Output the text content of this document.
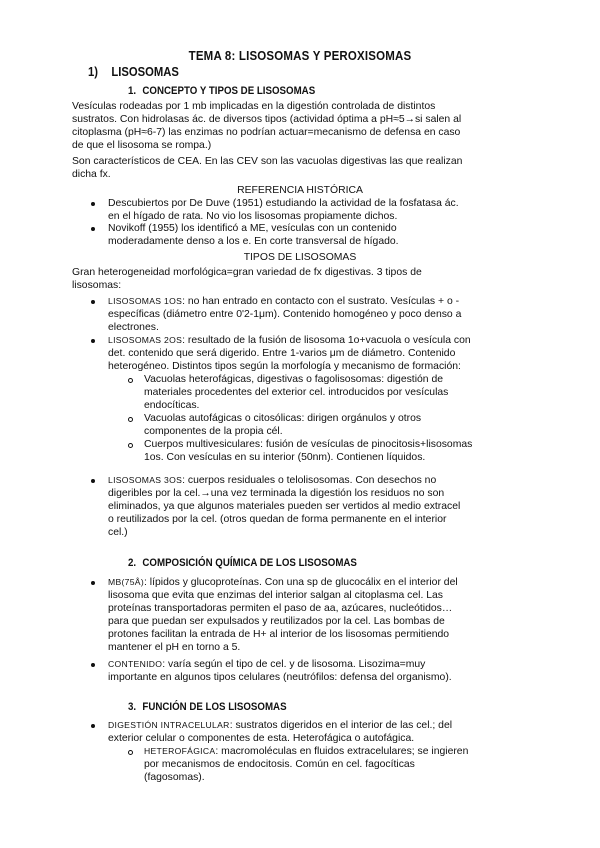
TEMA 8: LISOSOMAS Y PEROXISOMAS
1) LISOSOMAS
1. CONCEPTO Y TIPOS DE LISOSOMAS
Vesículas rodeadas por 1 mb implicadas en la digestión controlada de distintos
sustratos. Con hidrolasas ác. de diversos tipos (actividad óptima a pH≈5→si salen al
citoplasma (pH≈6-7) las enzimas no podrían actuar=mecanismo de defensa en caso
de que el lisosoma se rompa.)
Son característicos de CEA. En las CEV son las vacuolas digestivas las que realizan
dicha fx.
REFERENCIA HISTÓRICA
Descubiertos por De Duve (1951) estudiando la actividad de la fosfatasa ác.
en el hígado de rata. No vio los lisosomas propiamente dichos.
Novikoff (1955) los identificó a ME, vesículas con un contenido
moderadamente denso a los e. En corte transversal de hígado.
TIPOS DE LISOSOMAS
Gran heterogeneidad morfológica=gran variedad de fx digestivas. 3 tipos de
lisosomas:
LISOSOMAS 1OS: no han entrado en contacto con el sustrato. Vesículas + o -
específicas (diámetro entre 0'2-1μm). Contenido homogéneo y poco denso a
electrones.
LISOSOMAS 2OS: resultado de la fusión de lisosoma 1o+vacuola o vesícula con
det. contenido que será digerido. Entre 1-varios μm de diámetro. Contenido
heterogéneo. Distintos tipos según la morfología y mecanismo de formación:
Vacuolas heterofágicas, digestivas o fagolisosomas: digestión de
materiales procedentes del exterior cel. introducidos por vesículas
endocíticas.
Vacuolas autofágicas o citosólicas: dirigen orgánulos y otros
componentes de la propia cél.
Cuerpos multivesiculares: fusión de vesículas de pinocitosis+lisosomas
1os. Con vesículas en su interior (50nm). Contienen líquidos.
LISOSOMAS 3OS: cuerpos residuales o telolisosomas. Con desechos no
digeribles por la cel.→una vez terminada la digestión los residuos no son
eliminados, ya que algunos materiales pueden ser vertidos al medio extracel
o reutilizados por la cel. (otros quedan de forma permanente en el interior
cel.)
2. COMPOSICIÓN QUÍMICA DE LOS LISOSOMAS
MB(75Å): lípidos y glucoproteínas. Con una sp de glucocálix en el interior del
lisosoma que evita que enzimas del interior salgan al citoplasma cel. Las
proteínas transportadoras permiten el paso de aa, azúcares, nucleótidos…
para que puedan ser expulsados y reutilizados por la cel. Las bombas de
protones facilitan la entrada de H+ al interior de los lisosomas permitiendo
mantener el pH en torno a 5.
CONTENIDO: varía según el tipo de cel. y de lisosoma. Lisozima=muy
importante en algunos tipos celulares (neutrófilos: defensa del organismo).
3. FUNCIÓN DE LOS LISOSOMAS
DIGESTIÓN INTRACELULAR: sustratos digeridos en el interior de las cel.; del
exterior celular o componentes de esta. Heterofágica o autofágica.
HETEROFÁGICA: macromoléculas en fluidos extracelulares; se ingieren
por mecanismos de endocitosis. Común en cel. fagocíticas
(fagosomas).
